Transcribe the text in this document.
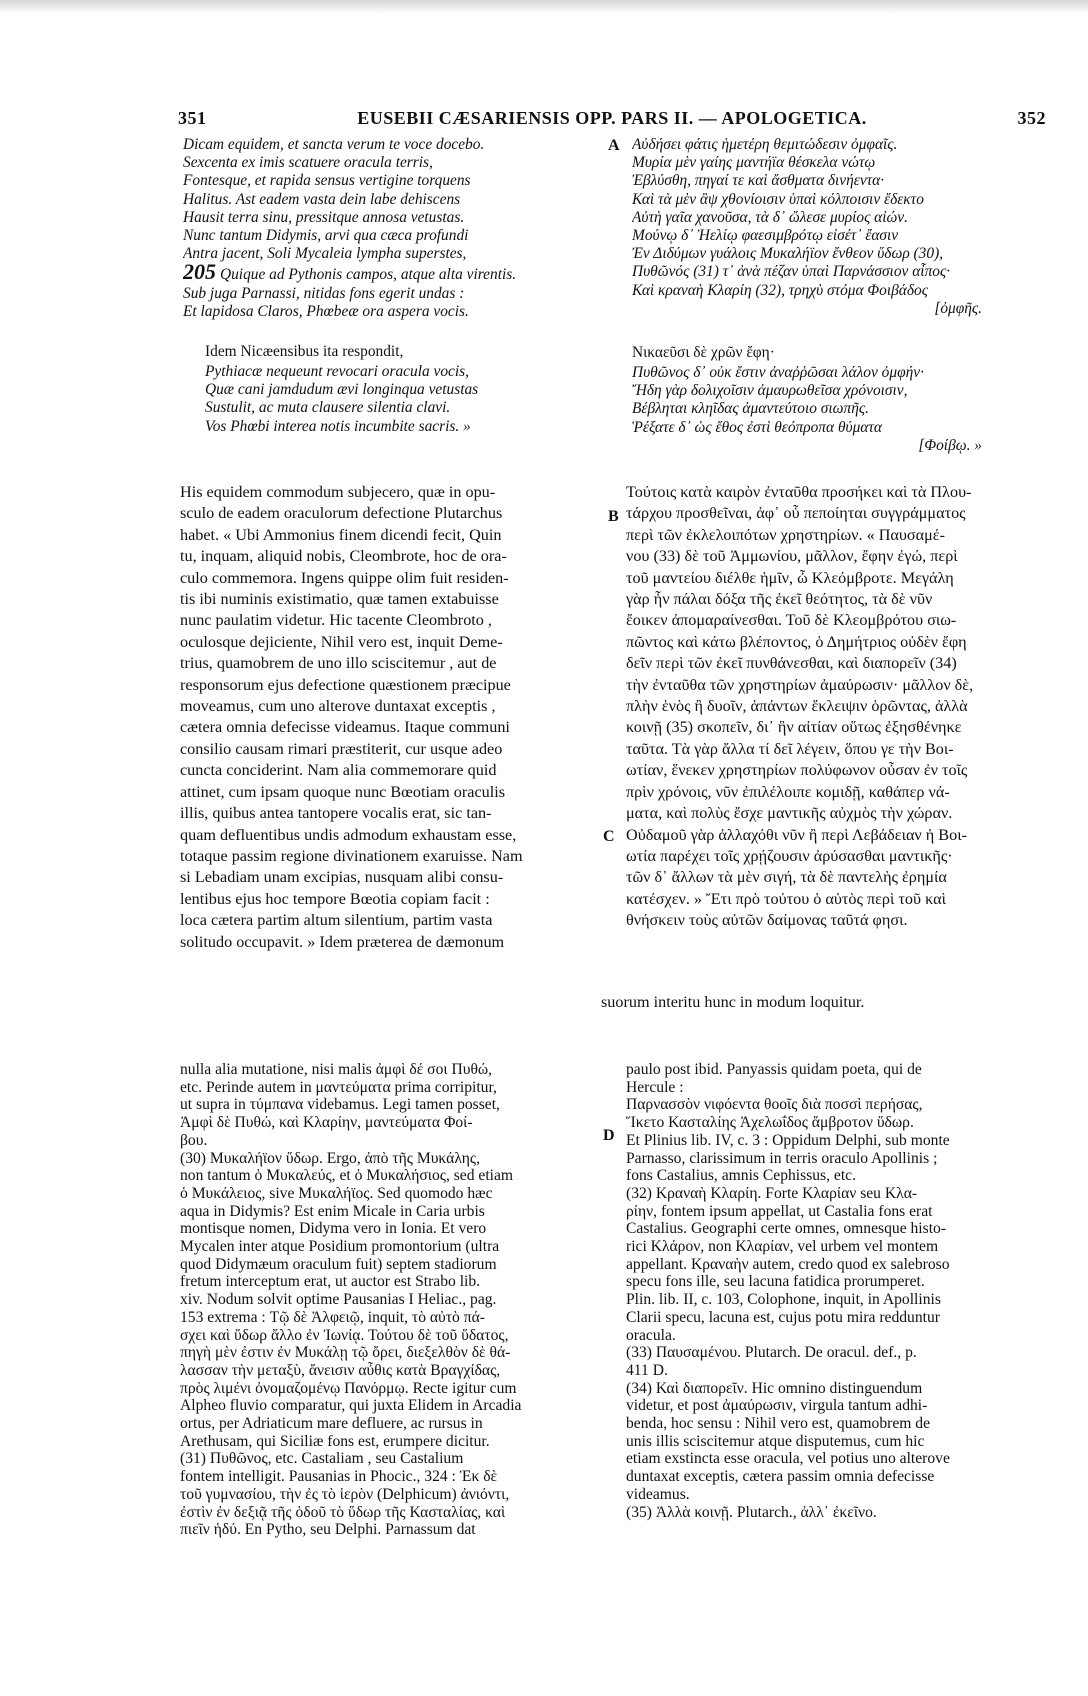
351	EUSEBII CÆSARIENSIS OPP. PARS II. — APOLOGETICA.	352
Dicam equidem, et sancta verum te voce docebo.
Sexcenta ex imis scatuere oracula terris,
Fontesque, et rapida sensus vertigine torquens
Halitus. Ast eadem vasta dein labe dehiscens
Hausit terra sinu, pressitque annosa vetustas.
Nunc tantum Didymis, arvi qua cæca profundi
Antra jacent, Soli Mycaleia lympha superstes,
205 Quique ad Pythonis campos, atque alta virentis.
Sub juga Parnassi, nitidas fons egerit undas :
Et lapidosa Claros, Phœbeæ ora aspera vocis.
Idem Nicæensibus ita respondit,
Pythiacæ nequeunt revocari oracula vocis,
Quæ cani jamdudum ævi longinqua vetustas
Sustulit, ac muta clausere silentia clavi.
Vos Phœbi interea notis incumbite sacris. »
Αὐδήσει φάτις ἡμετέρη θεμιτώδεσιν ὀμφαῖς.
Μυρία μὲν γαίης μαντήϊα θέσκελα νώτῳ
Ἐβλύσθη, πηγαί τε καὶ ἄσθματα δινήεντα·
Καὶ τὰ μὲν ἂψ χθονίοισιν ὑπαὶ κόλποισιν ἔδεκτο
Αὐτὴ γαῖα χανοῦσα, τὰ δ᾽ ὤλεσε μυρίος αἰών.
Μούνῳ δ᾽ Ἠελίῳ φαεσιμβρότῳ εἰσέτ᾽ ἔασιν
Ἐν Διδύμων γυάλοις Μυκαλήϊον ἔνθεον ὕδωρ (30),
Πυθῶνός (31) τ᾽ ἀνὰ πέζαν ὑπαὶ Παρνάσσιον αἶπος·
Καὶ κραναὴ Κλαρίη (32), τρηχὺ στόμα Φοιβάδος
[ὀμφῆς.
Νικαεῦσι δὲ χρῶν ἔφη·
Πυθῶνος δ᾽ οὐκ ἔστιν ἀναῤῥῶσαι λάλον ὀμφήν·
Ἤδη γὰρ δολιχοῖσιν ἀμαυρωθεῖσα χρόνοισιν,
Βέβληται κληῖδας ἀμαντεύτοιο σιωπῆς.
Ῥέξατε δ᾽ ὡς ἔθος ἐστὶ θεόπροπα θύματα
[Φοίβῳ. »
His equidem commodum subjecero, quæ in opu-
sculo de eadem oraculorum defectione Plutarchus
habet. « Ubi Ammonius finem dicendi fecit, Quin
tu, inquam, aliquid nobis, Cleombrote, hoc de ora-
culo commemora. Ingens quippe olim fuit residen-
tis ibi numinis existimatio, quæ tamen extabuisse
nunc paulatim videtur. Hic tacente Cleombroto ,
oculosque dejiciente, Nihil vero est, inquit Deme-
trius, quamobrem de uno illo sciscitemur , aut de
responsorum ejus defectione quæstionem præcipue
moveamus, cum uno alterove duntaxat exceptis ,
cætera omnia defecisse videamus. Itaque communi
consilio causam rimari præstiterit, cur usque adeo
cuncta conciderint. Nam alia commemorare quid
attinet, cum ipsam quoque nunc Bœotiam oraculis
illis, quibus antea tantopere vocalis erat, sic tan-
quam defluentibus undis admodum exhaustam esse,
totaque passim regione divinationem exaruisse. Nam
si Lebadiam unam excipias, nusquam alibi consu-
lentibus ejus hoc tempore Bœotia copiam facit :
loca cætera partim altum silentium, partim vasta
solitudo occupavit. » Idem præterea de dæmonum
Τούτοις κατὰ καιρὸν ἐνταῦθα προσήκει καὶ τὰ Πλου-
τάρχου προσθεῖναι, ἀφ᾽ οὗ πεποίηται συγγράμματος
περὶ τῶν ἐκλελοιπότων χρηστηρίων. « Παυσαμέ-
νου (33) δὲ τοῦ Ἀμμωνίου, μᾶλλον, ἔφην ἐγώ, περὶ
τοῦ μαντείου διέλθε ἡμῖν, ὦ Κλεόμβροτε. Μεγάλη
γὰρ ἦν πάλαι δόξα τῆς ἐκεῖ θεότητος, τὰ δὲ νῦν
ἔοικεν ἀπομαραίνεσθαι. Τοῦ δὲ Κλεομβρότου σιω-
πῶντος καὶ κάτω βλέποντος, ὁ Δημήτριος οὐδὲν ἔφη
δεῖν περὶ τῶν ἐκεῖ πυνθάνεσθαι, καὶ διαπορεῖν (34)
τὴν ἐνταῦθα τῶν χρηστηρίων ἀμαύρωσιν· μᾶλλον δὲ,
πλὴν ἑνὸς ἢ δυοῖν, ἁπάντων ἔκλειψιν ὁρῶντας, ἀλλὰ
κοινῇ (35) σκοπεῖν, δι᾽ ἣν αἰτίαν οὕτως ἐξησθένηκε
ταῦτα. Τὰ γὰρ ἄλλα τί δεῖ λέγειν, ὅπου γε τὴν Βοι-
ωτίαν, ἕνεκεν χρηστηρίων πολύφωνον οὖσαν ἐν τοῖς
πρὶν χρόνοις, νῦν ἐπιλέλοιπε κομιδῇ, καθάπερ νά-
ματα, καὶ πολὺς ἔσχε μαντικῆς αὐχμὸς τὴν χώραν.
Οὐδαμοῦ γὰρ ἀλλαχόθι νῦν ἢ περὶ Λεβάδειαν ἡ Βοι-
ωτία παρέχει τοῖς χρῄζουσιν ἀρύσασθαι μαντικῆς·
τῶν δ᾽ ἄλλων τὰ μὲν σιγή, τὰ δὲ παντελὴς ἐρημία
κατέσχεν. » Ἔτι πρὸ τούτου ὁ αὐτὸς περὶ τοῦ καὶ
θνήσκειν τοὺς αὐτῶν δαίμονας ταῦτά φησι.
suorum interitu hunc in modum loquitur.
nulla alia mutatione, nisi malis ἀμφὶ δέ σοι Πυθώ,
etc. Perinde autem in μαντεύματα prima corripitur,
ut supra in τύμπανα videbamus. Legi tamen posset,
Ἀμφὶ δὲ Πυθώ, καὶ Κλαρίην, μαντεύματα Φοί-
βου.
(30) Μυκαλήϊον ὕδωρ. Ergo, ἀπὸ τῆς Μυκάλης,
non tantum ὁ Μυκαλεύς, et ὁ Μυκαλήσιος, sed etiam
ὁ Μυκάλειος, sive Μυκαλήϊος. Sed quomodo hæc
aqua in Didymis? Est enim Micale in Caria urbis
montisque nomen, Didyma vero in Ionia. Et vero
Mycalen inter atque Posidium promontorium (ultra
quod Didymæum oraculum fuit) septem stadiorum
fretum interceptum erat, ut auctor est Strabo lib.
xiv. Nodum solvit optime Pausanias I Heliac., pag.
153 extrema : Τῷ δὲ Ἀλφειῷ, inquit, τὸ αὐτὸ πά-
σχει καὶ ὕδωρ ἄλλο ἐν Ἰωνίᾳ. Τούτου δὲ τοῦ ὕδατος,
πηγὴ μὲν ἐστιν ἐν Μυκάλῃ τῷ ὄρει, διεξελθὸν δὲ θά-
λασσαν τὴν μεταξὺ, ἄνεισιν αὖθις κατὰ Βραγχίδας,
πρὸς λιμένι ὀνομαζομένῳ Πανόρμῳ. Recte igitur cum
Alpheo fluvio comparatur, qui juxta Elidem in Arcadia
ortus, per Adriaticum mare defluere, ac rursus in
Arethusam, qui Siciliæ fons est, erumpere dicitur.
(31) Πυθῶνος, etc. Castaliam , seu Castalium
fontem intelligit. Pausanias in Phocic., 324 : Ἐκ δὲ
τοῦ γυμνασίου, τὴν ἐς τὸ ἱερὸν (Delphicum) ἀνιόντι,
ἐστὶν ἐν δεξιᾷ τῆς ὁδοῦ τὸ ὕδωρ τῆς Κασταλίας, καὶ
πιεῖν ἡδύ. En Pytho, seu Delphi. Parnassum dat
paulo post ibid. Panyassis quidam poeta, qui de
Hercule :
Παρνασσὸν νιφόεντα θοοῖς διὰ ποσσὶ περήσας,
Ἵκετο Κασταλίης Ἀχελωΐδος ἄμβροτον ὕδωρ.
Et Plinius lib. IV, c. 3 : Oppidum Delphi, sub monte
Parnasso, clarissimum in terris oraculo Apollinis ;
fons Castalius, amnis Cephissus, etc.
(32) Κραναὴ Κλαρίη. Forte Κλαρίαν seu Κλα-
ρίην, fontem ipsum appellat, ut Castalia fons erat
Castalius. Geographi certe omnes, omnesque histo-
rici Κλάρον, non Κλαρίαν, vel urbem vel montem
appellant. Κραναὴν autem, credo quod ex salebroso
specu fons ille, seu lacuna fatidica prorumperet.
Plin. lib. II, c. 103, Colophone, inquit, in Apollinis
Clarii specu, lacuna est, cujus potu mira redduntur
oracula.
(33) Παυσαμένου. Plutarch. De oracul. def., p.
411 D.
(34) Καὶ διαπορεῖν. Hic omnino distinguendum
videtur, et post ἀμαύρωσιν, virgula tantum adhi-
benda, hoc sensu : Nihil vero est, quamobrem de
unis illis sciscitemur atque disputemus, cum hic
etiam exstincta esse oracula, vel potius uno alterove
duntaxat exceptis, cætera passim omnia defecisse
videamus.
(35) Ἀλλὰ κοινῇ. Plutarch., ἀλλ᾽ ἐκεῖνο.
A
B
C
D
